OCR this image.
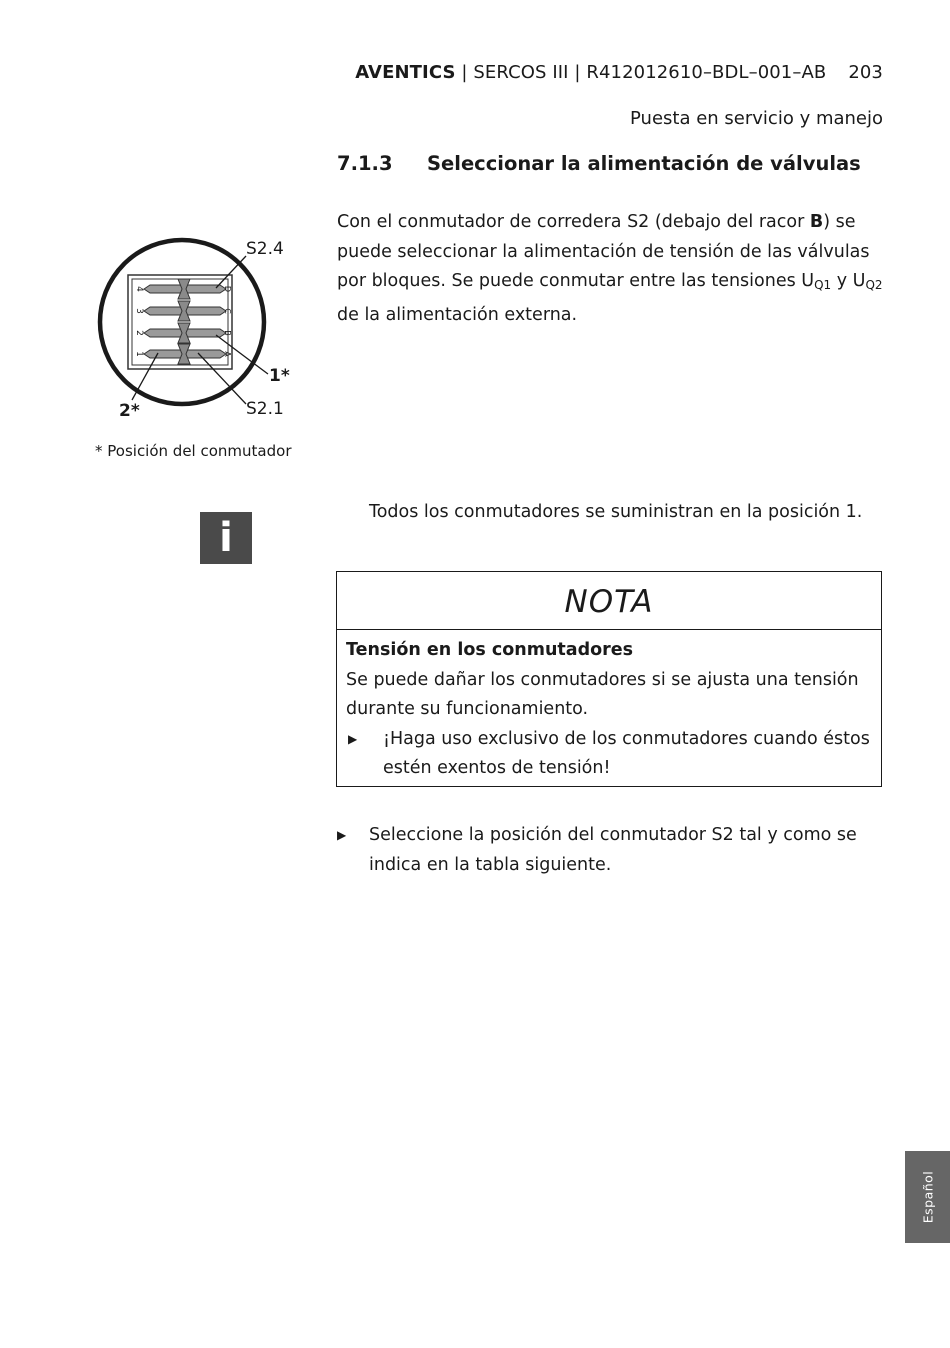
AVENTICS | SERCOS III | R412012610–BDL–001–AB 203
Puesta en servicio y manejo
7.1.3 Seleccionar la alimentación de válvulas
Con el conmutador de corredera S2 (debajo del racor B) se puede seleccionar la alimentación de tensión de las válvulas por bloques. Se puede conmutar entre las tensiones $U_{Q1}$ y $U_{Q2}$ de la alimentación externa.
4	D
3	C
2	B
1	A
S2.4
1*
S2.1
2*
* Posición del conmutador
i
Todos los conmutadores se suministran en la posición 1.
NOTA
Tensión en los conmutadores
Se puede dañar los conmutadores si se ajusta una tensión durante su funcionamiento.
▶	¡Haga uso exclusivo de los conmutadores cuando éstos estén exentos de tensión!
▶	Seleccione la posición del conmutador S2 tal y como se indica en la tabla siguiente.
Español
